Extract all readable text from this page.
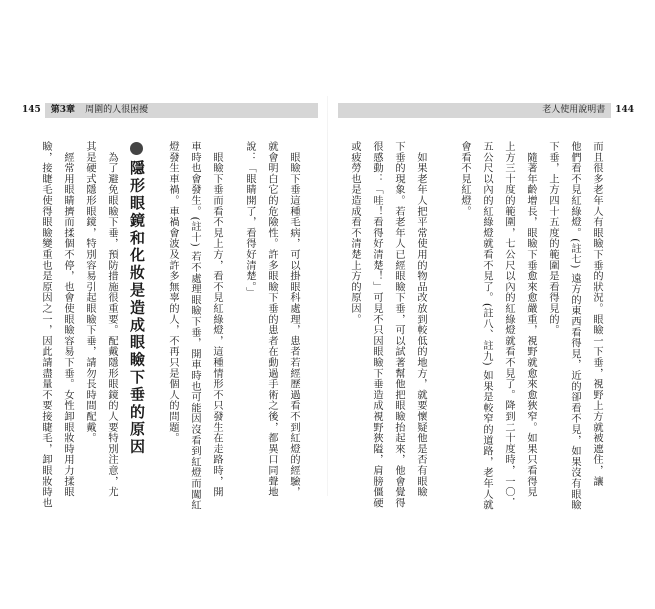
145	第3章 周圍的人很困擾	老人使用說明書	144
而且很多老年人有眼瞼下垂的狀況。眼瞼一下垂，視野上方就被遮住，讓
他們看不見紅綠燈。(註七) 遠方的東西看得見，近的卻看不見，如果沒有眼瞼
下垂，上方四十五度的範圍是看得見的。
　隨著年齡增長，眼瞼下垂愈來愈嚴重，視野就愈來愈狹窄。如果只看得見
上方三十度的範圍，七公尺以內的紅綠燈就看不見了。降到二十度時，一〇．
五公尺以內的紅綠燈就看不見了。(註八、註九) 如果是較窄的道路，老年人就
會看不見紅燈。
　如果老年人把平常使用的物品改放到較低的地方，就要懷疑他是否有眼瞼
下垂的現象。若老年人已經眼瞼下垂，可以試著幫他把眼瞼抬起來，他會覺得
很感動：「哇！看得好清楚！」可見不只因眼瞼下垂造成視野狹隘，肩膀僵硬
或疲勞也是造成看不清楚上方的原因。
　眼瞼下垂這種毛病，可以掛眼科處理，患者若經歷過看不到紅燈的經驗，
就會明白它的危險性。許多眼瞼下垂的患者在動過手術之後，都異口同聲地
說：「眼睛開了，看得好清楚。」
　眼瞼下垂而看不見上方，看不見紅綠燈，這種情形不只發生在走路時，開
車時也會發生。(註十) 若不處理眼瞼下垂，開車時也可能因沒看到紅燈而闖紅
燈發生車禍。車禍會波及許多無辜的人，不再只是個人的問題。
隱形眼鏡和化妝是造成眼瞼下垂的原因
　為了避免眼瞼下垂，預防措施很重要。配戴隱形眼鏡的人要特別注意，尤
其是硬式隱形眼鏡，特別容易引起眼瞼下垂，請勿長時間配戴。
　經常用眼睛擠而揉個不停，也會使眼瞼容易下垂。女性卸眼妝時用力揉眼
瞼，接睫毛使得眼瞼變重也是原因之一，因此請盡量不要接睫毛，卸眼妝時也
